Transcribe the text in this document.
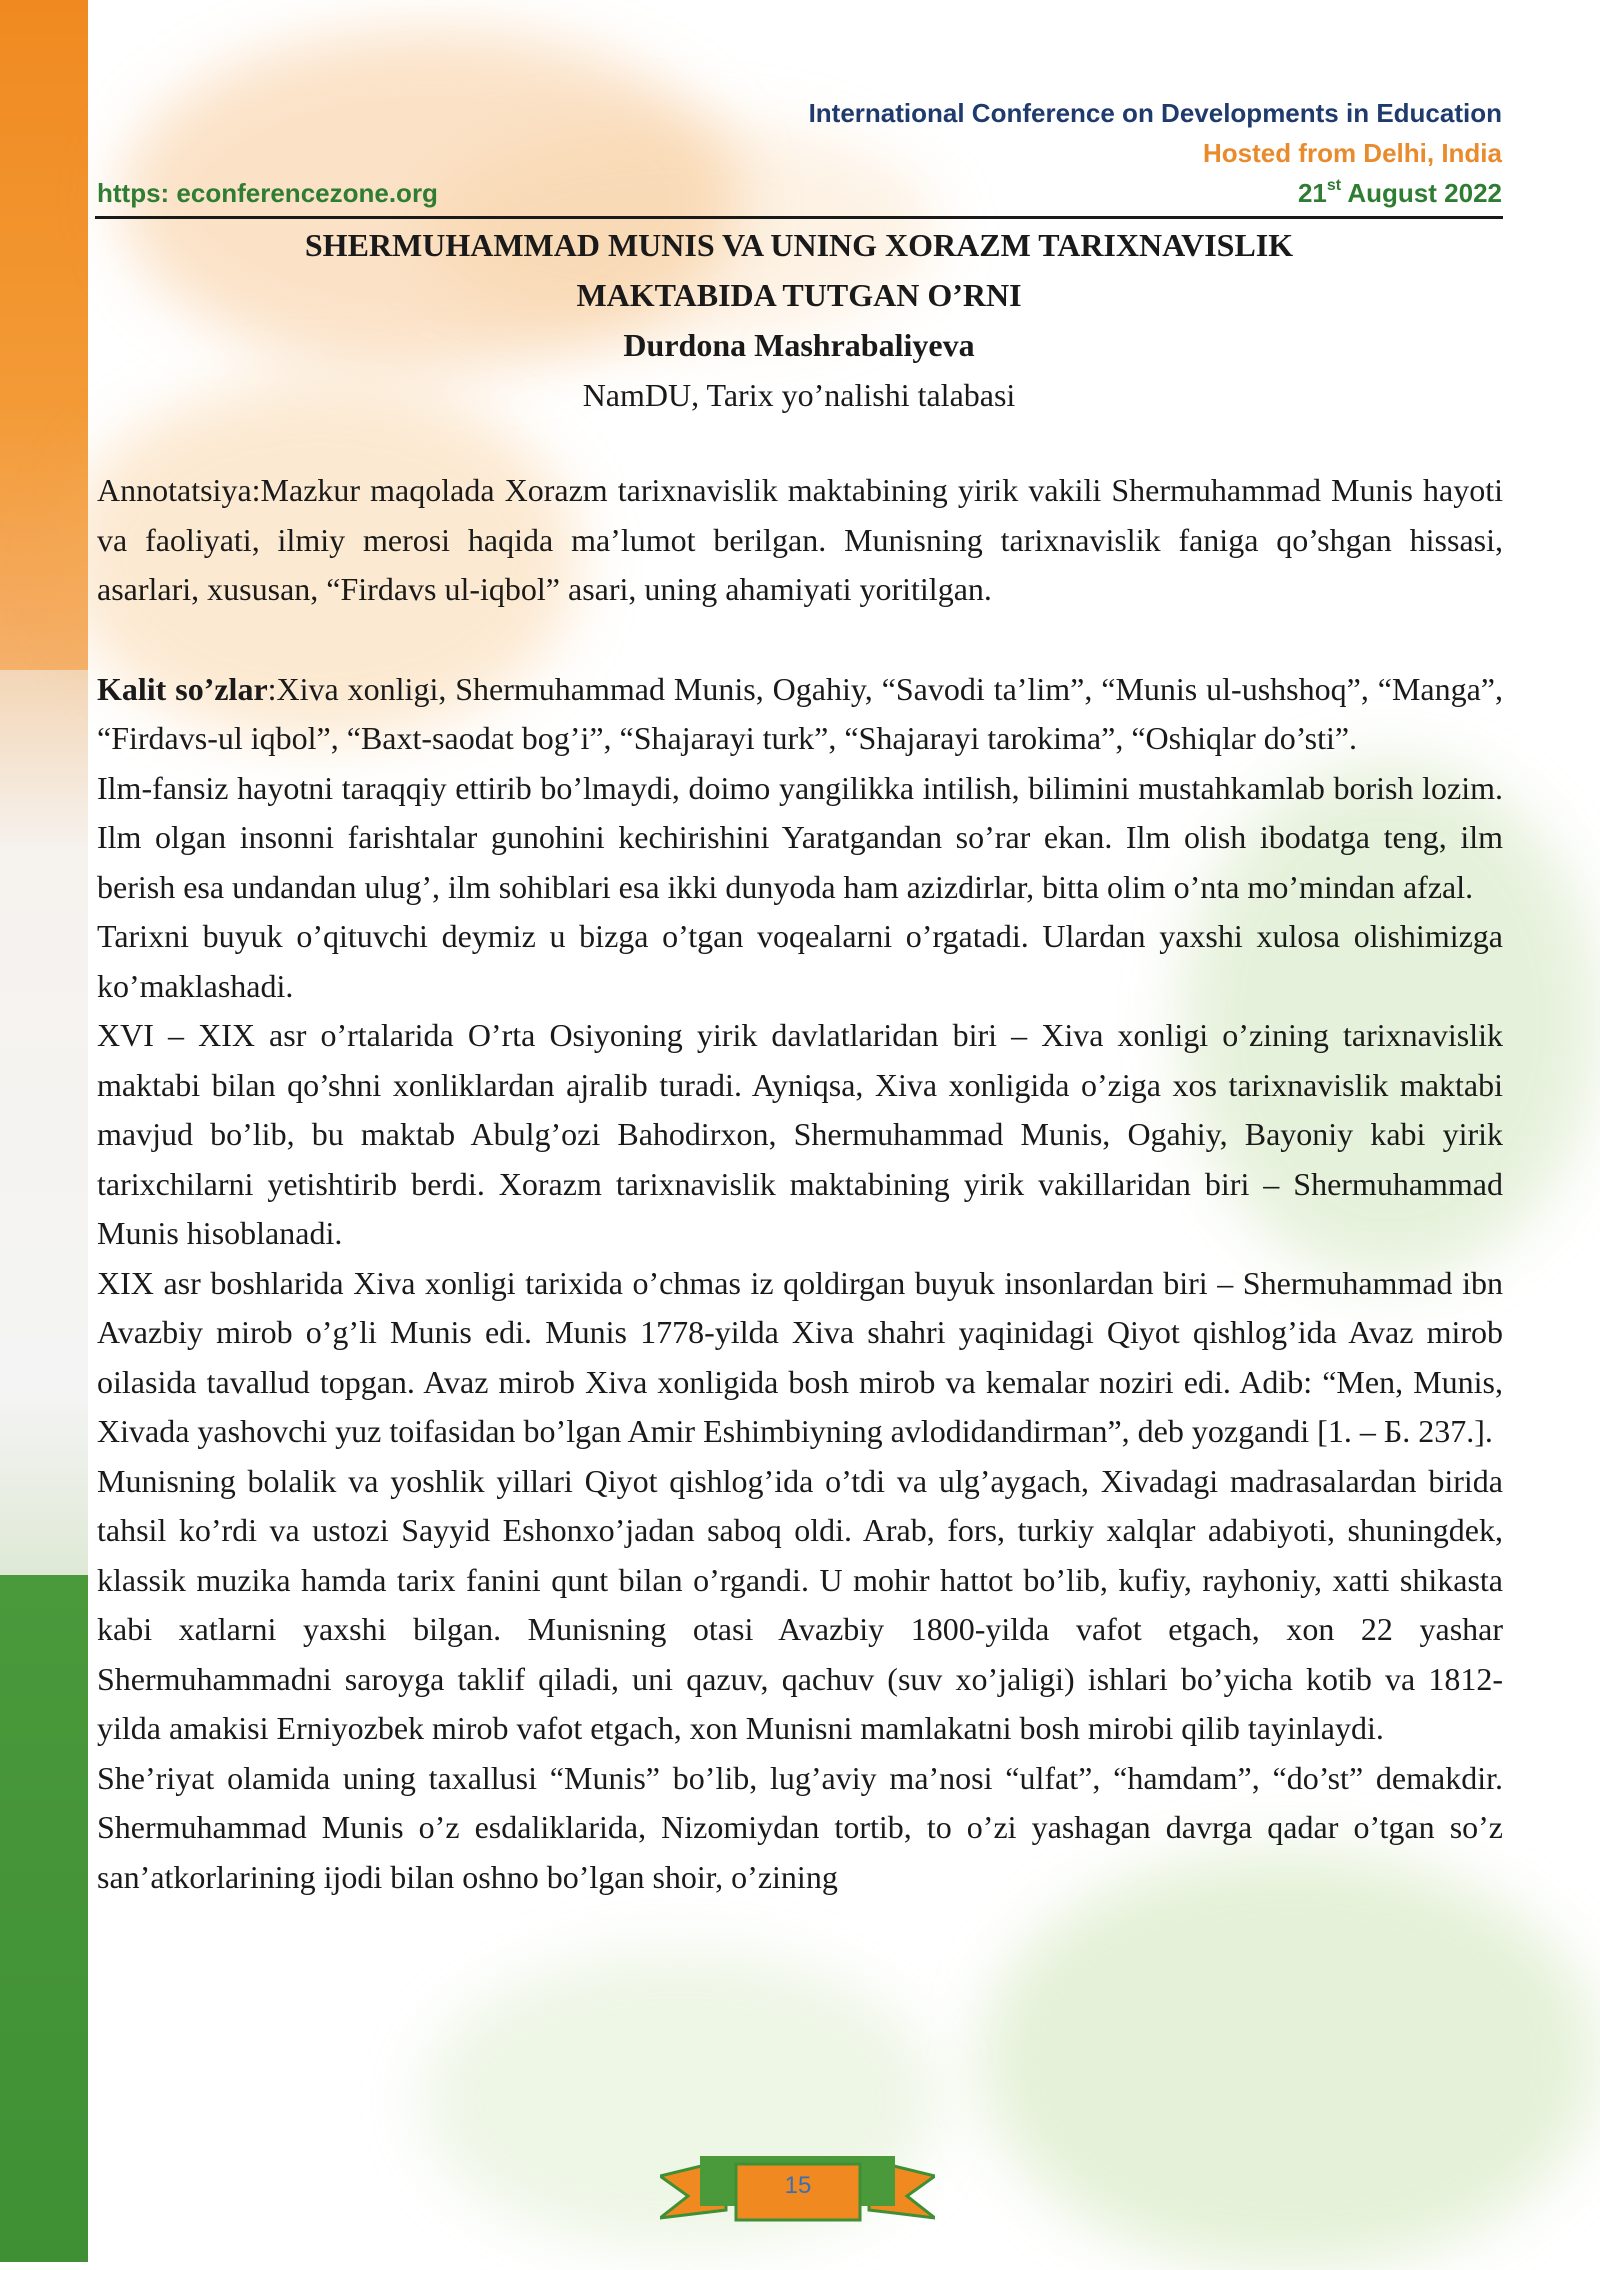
International Conference on Developments in Education
Hosted from Delhi, India
https: econferencezone.org	21st August 2022
SHERMUHAMMAD MUNIS VA UNING XORAZM TARIXNAVISLIK
MAKTABIDA TUTGAN O’RNI
Durdona Mashrabaliyeva
NamDU, Tarix yo’nalishi talabasi

Annotatsiya:Mazkur maqolada Xorazm tarixnavislik maktabining yirik vakili Shermuhammad Munis hayoti va faoliyati, ilmiy merosi haqida ma’lumot berilgan. Munisning tarixnavislik faniga qo’shgan hissasi, asarlari, xususan, “Firdavs ul-iqbol” asari, uning ahamiyati yoritilgan.

Kalit so’zlar:Xiva xonligi, Shermuhammad Munis, Ogahiy, “Savodi ta’lim”, “Munis ul-ushshoq”, “Manga”, “Firdavs-ul iqbol”, “Baxt-saodat bog’i”, “Shajarayi turk”, “Shajarayi tarokima”, “Oshiqlar do’sti”.

Ilm-fansiz hayotni taraqqiy ettirib bo’lmaydi, doimo yangilikka intilish, bilimini mustahkamlab borish lozim. Ilm olgan insonni farishtalar gunohini kechirishini Yaratgandan so’rar ekan. Ilm olish ibodatga teng, ilm berish esa undandan ulug’, ilm sohiblari esa ikki dunyoda ham azizdirlar, bitta olim o’nta mo’mindan afzal.

Tarixni buyuk o’qituvchi deymiz u bizga o’tgan voqealarni o’rgatadi. Ulardan yaxshi xulosa olishimizga ko’maklashadi.

XVI – XIX asr o’rtalarida O’rta Osiyoning yirik davlatlaridan biri – Xiva xonligi o’zining tarixnavislik maktabi bilan qo’shni xonliklardan ajralib turadi. Ayniqsa, Xiva xonligida o’ziga xos tarixnavislik maktabi mavjud bo’lib, bu maktab Abulg’ozi Bahodirxon, Shermuhammad Munis, Ogahiy, Bayoniy kabi yirik tarixchilarni yetishtirib berdi. Xorazm tarixnavislik maktabining yirik vakillaridan biri – Shermuhammad Munis hisoblanadi.

XIX asr boshlarida Xiva xonligi tarixida o’chmas iz qoldirgan buyuk insonlardan biri – Shermuhammad ibn Avazbiy mirob o’g’li Munis edi. Munis 1778-yilda Xiva shahri yaqinidagi Qiyot qishlog’ida Avaz mirob oilasida tavallud topgan. Avaz mirob Xiva xonligida bosh mirob va kemalar noziri edi. Adib: “Men, Munis, Xivada yashovchi yuz toifasidan bo’lgan Amir Eshimbiyning avlodidandirman”, deb yozgandi [1. – Б. 237.].

Munisning bolalik va yoshlik yillari Qiyot qishlog’ida o’tdi va ulg’aygach, Xivadagi madrasalardan birida tahsil ko’rdi va ustozi Sayyid Eshonxo’jadan saboq oldi. Arab, fors, turkiy xalqlar adabiyoti, shuningdek, klassik muzika hamda tarix fanini qunt bilan o’rgandi. U mohir hattot bo’lib, kufiy, rayhoniy, xatti shikasta kabi xatlarni yaxshi bilgan. Munisning otasi Avazbiy 1800-yilda vafot etgach, xon 22 yashar Shermuhammadni saroyga taklif qiladi, uni qazuv, qachuv (suv xo’jaligi) ishlari bo’yicha kotib va 1812- yilda amakisi Erniyozbek mirob vafot etgach, xon Munisni mamlakatni bosh mirobi qilib tayinlaydi.

She’riyat olamida uning taxallusi “Munis” bo’lib, lug’aviy ma’nosi “ulfat”, “hamdam”, “do’st” demakdir. Shermuhammad Munis o’z esdaliklarida, Nizomiydan tortib, to o’zi yashagan davrga qadar o’tgan so’z san’atkorlarining ijodi bilan oshno bo’lgan shoir, o’zining

15
